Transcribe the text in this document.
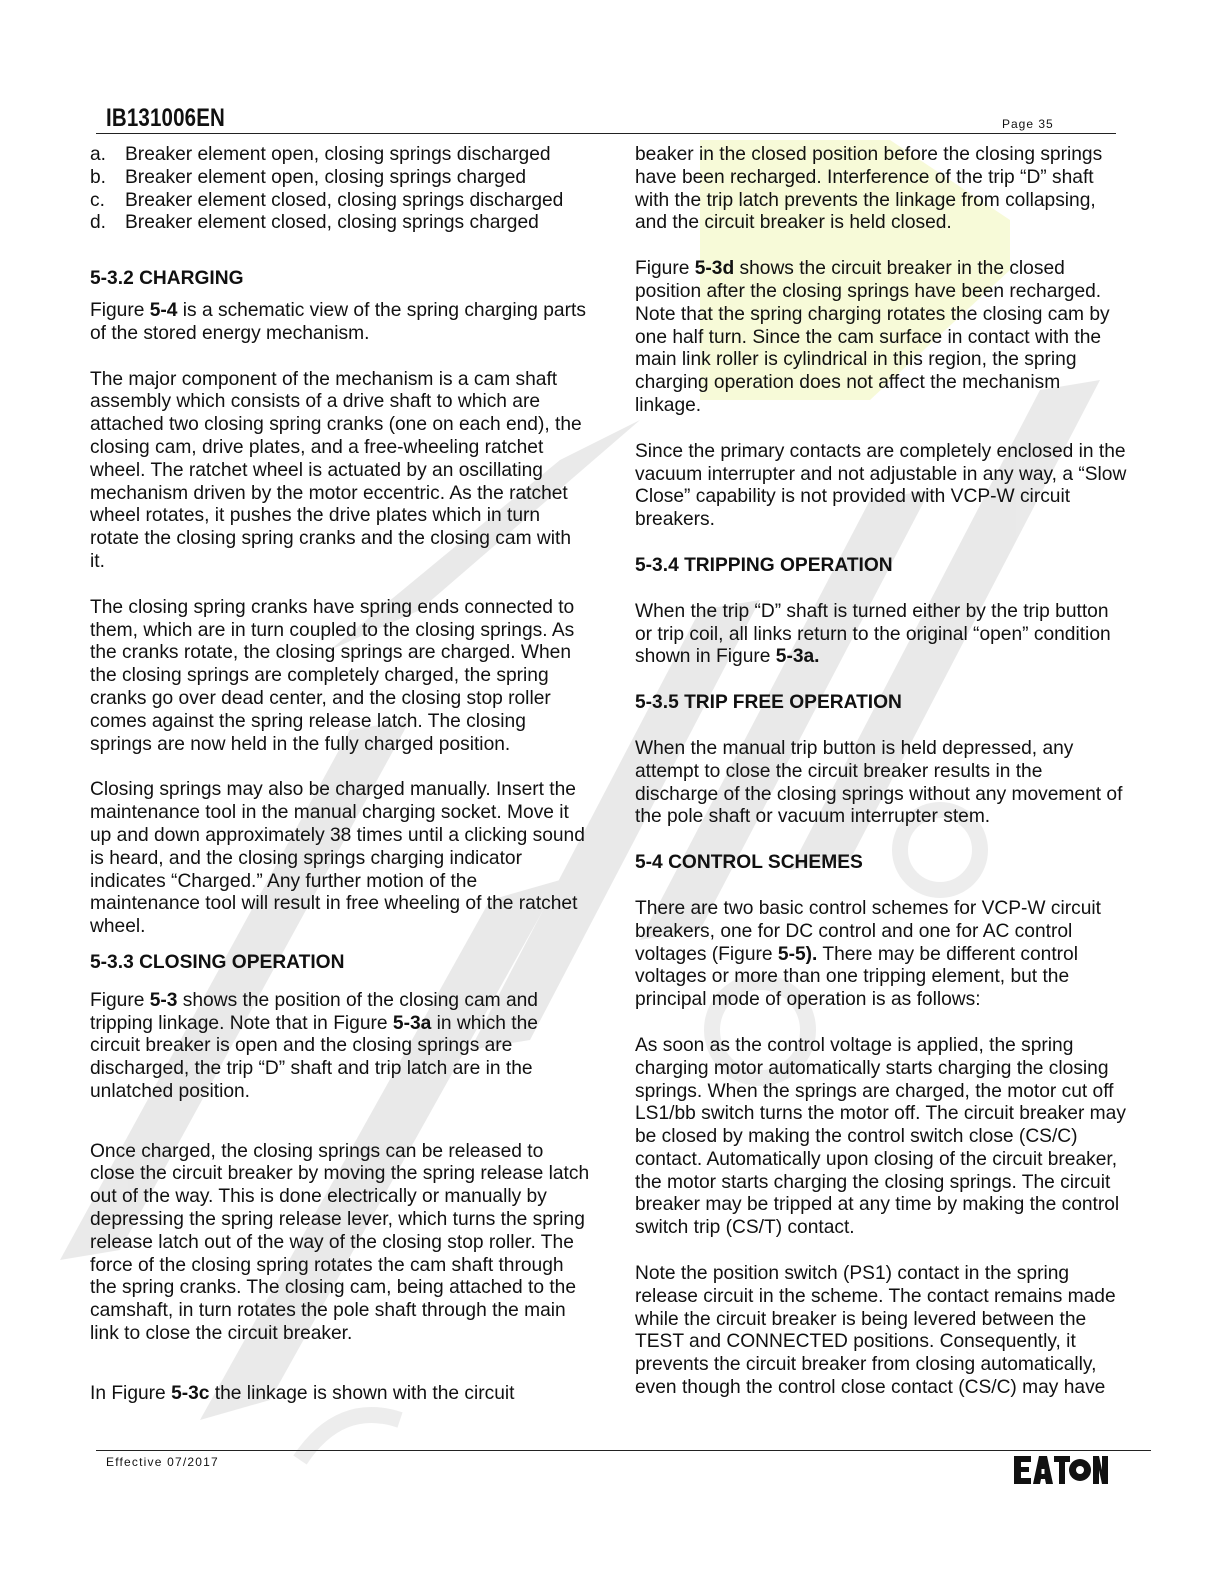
IB131006EN	Page 35
a. Breaker element open, closing springs discharged
b. Breaker element open, closing springs charged
c.	Breaker element closed, closing springs discharged
d. Breaker element closed, closing springs charged
5-3.2 CHARGING

Figure 5-4 is a schematic view of the spring charging parts of the stored energy mechanism.

The major component of the mechanism is a cam shaft assembly which consists of a drive shaft to which are attached two closing spring cranks (one on each end), the closing cam, drive plates, and a free-wheeling ratchet wheel. The ratchet wheel is actuated by an oscillating mechanism driven by the motor eccentric. As the ratchet wheel rotates, it pushes the drive plates which in turn rotate the closing spring cranks and the closing cam with it.

The closing spring cranks have spring ends connected to them, which are in turn coupled to the closing springs. As the cranks rotate, the closing springs are charged. When the closing springs are completely charged, the spring cranks go over dead center, and the closing stop roller comes against the spring release latch. The closing springs are now held in the fully charged position.

Closing springs may also be charged manually. Insert the maintenance tool in the manual charging socket. Move it up and down approximately 38 times until a clicking sound is heard, and the closing springs charging indicator indicates “Charged.” Any further motion of the maintenance tool will result in free wheeling of the ratchet wheel.

5-3.3 CLOSING OPERATION

Figure 5-3 shows the position of the closing cam and tripping linkage. Note that in Figure 5-3a in which the circuit breaker is open and the closing springs are discharged, the trip “D” shaft and trip latch are in the unlatched position.

Once charged, the closing springs can be released to close the circuit breaker by moving the spring release latch out of the way. This is done electrically or manually by depressing the spring release lever, which turns the spring release latch out of the way of the closing stop roller. The force of the closing spring rotates the cam shaft through the spring cranks. The closing cam, being attached to the camshaft, in turn rotates the pole shaft through the main link to close the circuit breaker.

In Figure 5-3c the linkage is shown with the circuit

beaker in the closed position before the closing springs have been recharged. Interference of the trip “D” shaft with the trip latch prevents the linkage from collapsing, and the circuit breaker is held closed.

Figure 5-3d shows the circuit breaker in the closed position after the closing springs have been recharged. Note that the spring charging rotates the closing cam by one half turn. Since the cam surface in contact with the main link roller is cylindrical in this region, the spring charging operation does not affect the mechanism linkage.

Since the primary contacts are completely enclosed in the vacuum interrupter and not adjustable in any way, a “Slow Close” capability is not provided with VCP-W circuit breakers.

5-3.4 TRIPPING OPERATION

When the trip “D” shaft is turned either by the trip button or trip coil, all links return to the original “open” condition shown in Figure 5-3a.

5-3.5 TRIP FREE OPERATION

When the manual trip button is held depressed, any attempt to close the circuit breaker results in the discharge of the closing springs without any movement of the pole shaft or vacuum interrupter stem.

5-4 CONTROL SCHEMES

There are two basic control schemes for VCP-W circuit breakers, one for DC control and one for AC control voltages (Figure 5-5). There may be different control voltages or more than one tripping element, but the principal mode of operation is as follows:

As soon as the control voltage is applied, the spring charging motor automatically starts charging the closing springs. When the springs are charged, the motor cut off LS1/bb switch turns the motor off. The circuit breaker may be closed by making the control switch close (CS/C) contact. Automatically upon closing of the circuit breaker, the motor starts charging the closing springs. The circuit breaker may be tripped at any time by making the control switch trip (CS/T) contact.

Note the position switch (PS1) contact in the spring release circuit in the scheme. The contact remains made while the circuit breaker is being levered between the TEST and CONNECTED positions. Consequently, it prevents the circuit breaker from closing automatically, even though the control close contact (CS/C) may have

Effective 07/2017
